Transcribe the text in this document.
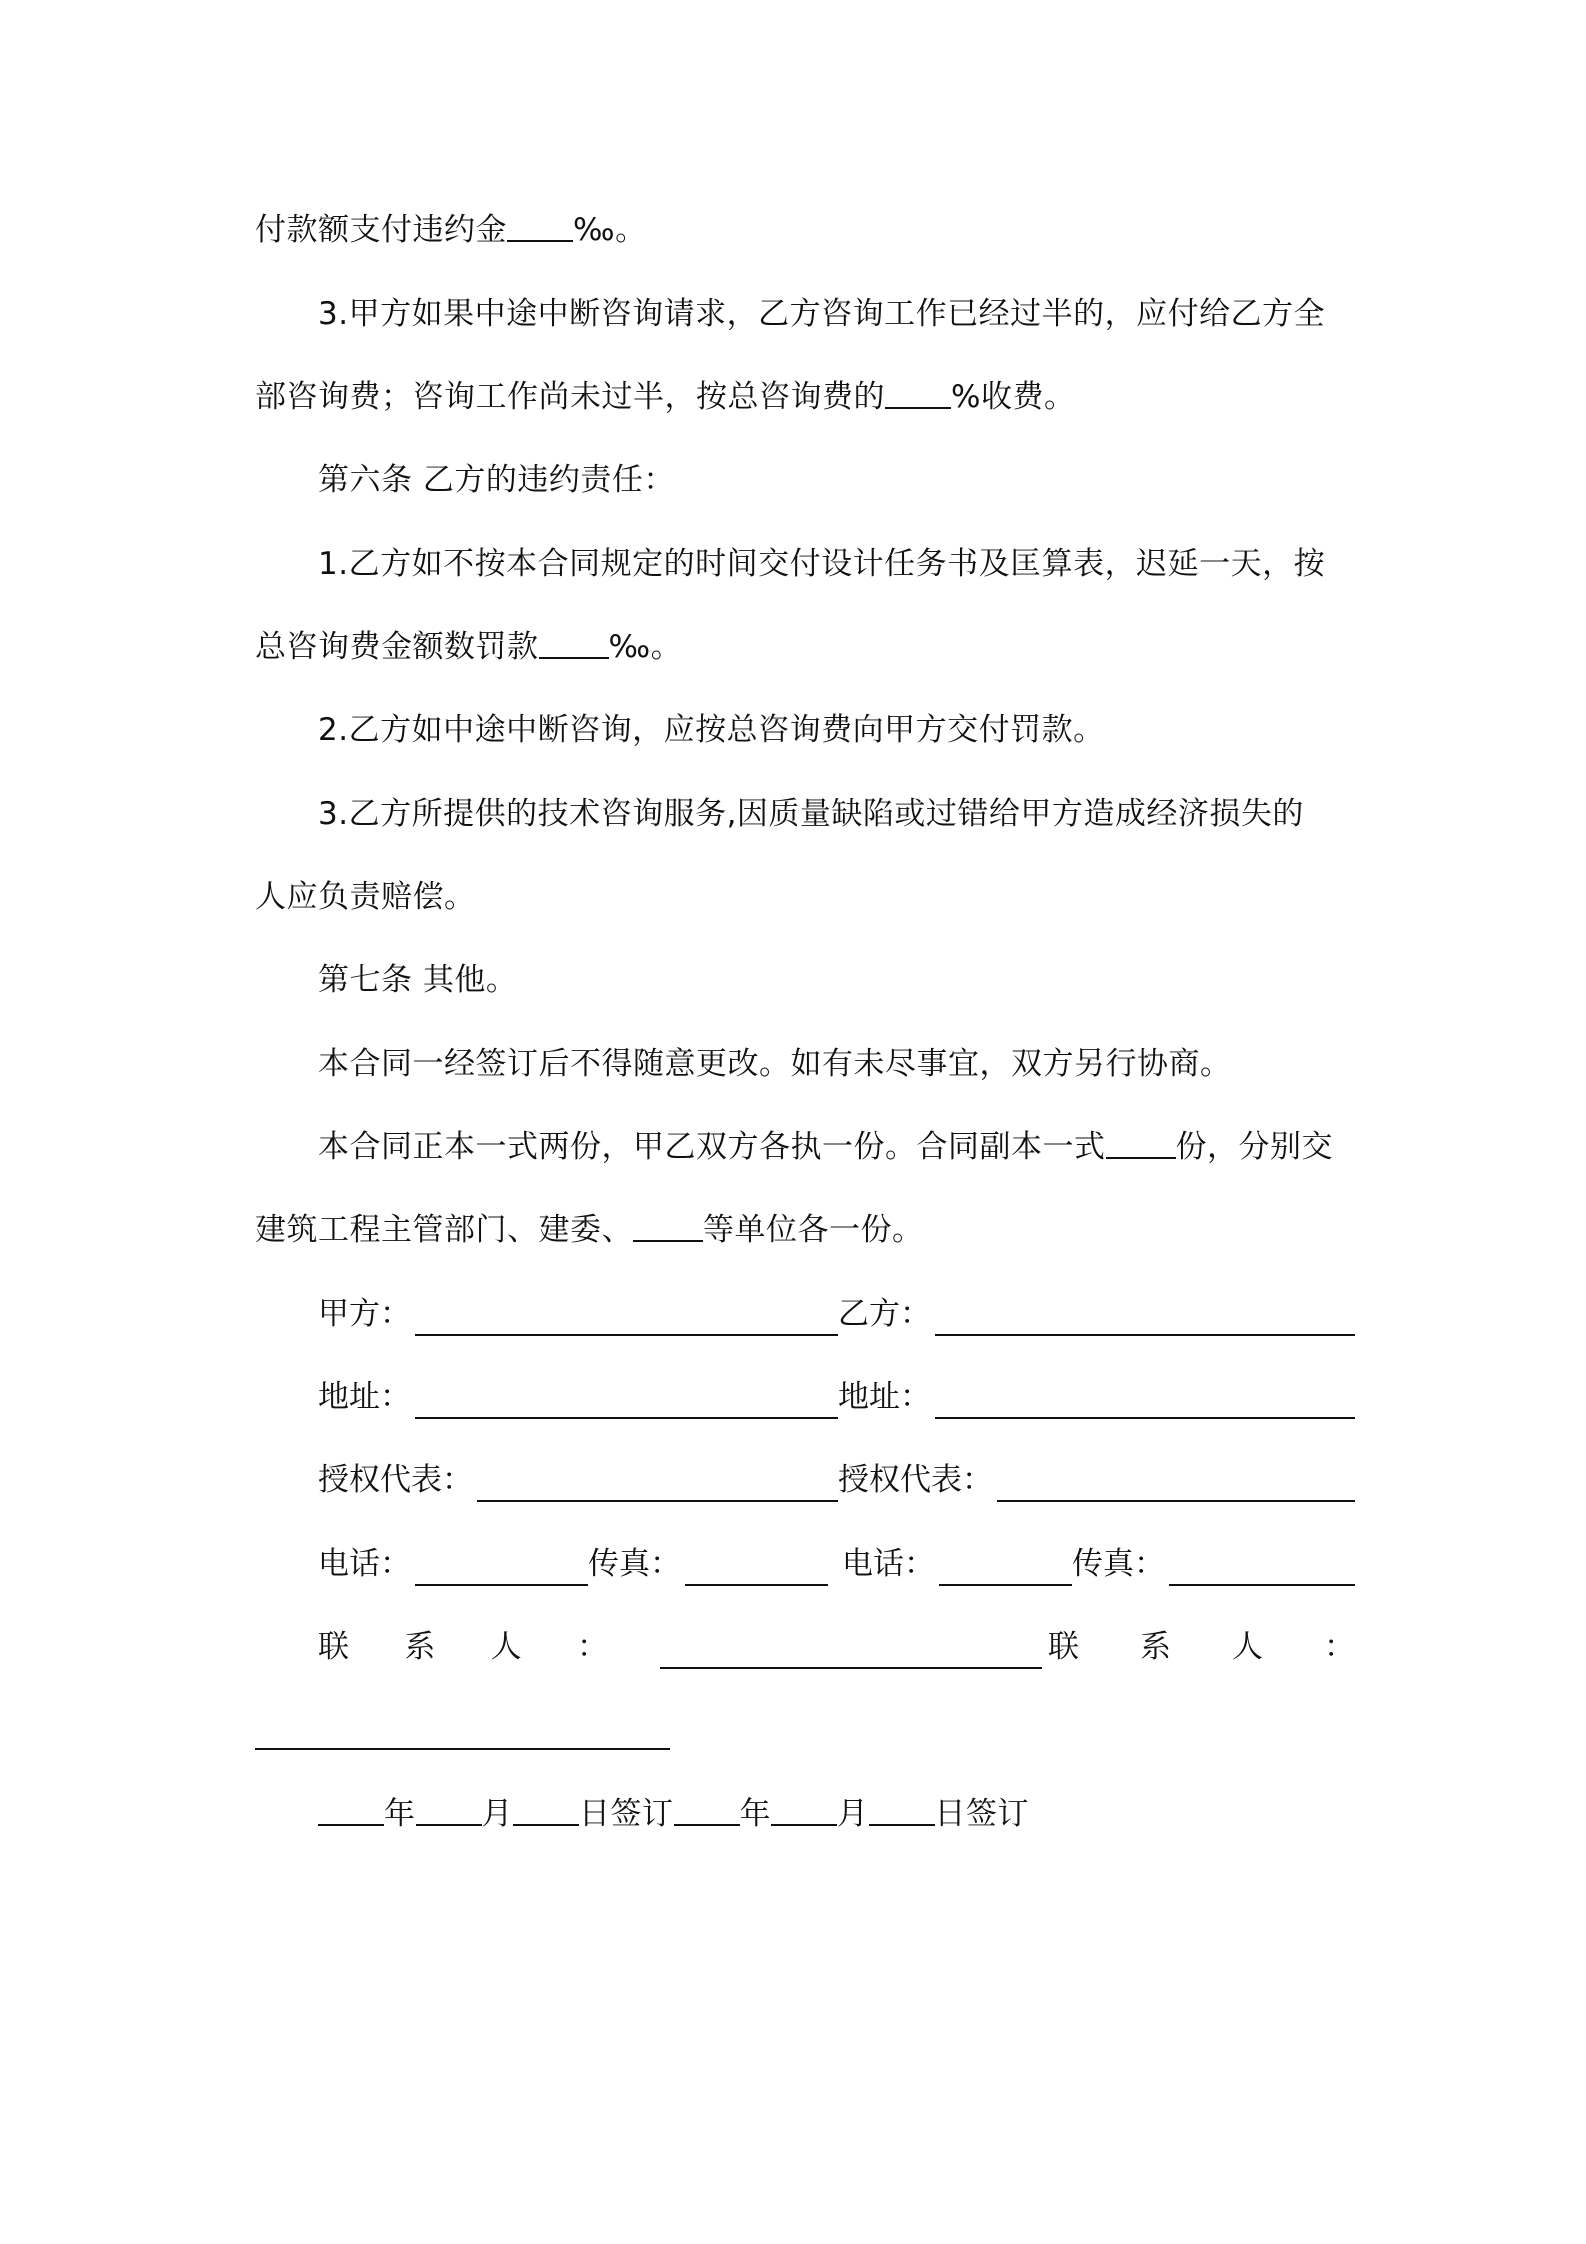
付款额支付违约金 ‰。
3.甲方如果中途中断咨询请求，乙方咨询工作已经过半的，应付给乙方全
部咨询费；咨询工作尚未过半，按总咨询费的 %收费。
第六条 乙方的违约责任：
1.乙方如不按本合同规定的时间交付设计任务书及匡算表，迟延一天，按
总咨询费金额数罚款 ‰。
2.乙方如中途中断咨询，应按总咨询费向甲方交付罚款。
3.乙方所提供的技术咨询服务,因质量缺陷或过错给甲方造成经济损失的
人应负责赔偿。
第七条 其他。
本合同一经签订后不得随意更改。如有未尽事宜，双方另行协商。
本合同正本一式两份，甲乙双方各执一份。合同副本一式 份，分别交
建筑工程主管部门、建委、 等单位各一份。
甲方：	乙方：
地址：	地址：
授权代表：	授权代表：
电话：	传真：	电话：	传真：
联 系 人 ：	联 系 人 ：
年 月 日签订 年 月 日签订
